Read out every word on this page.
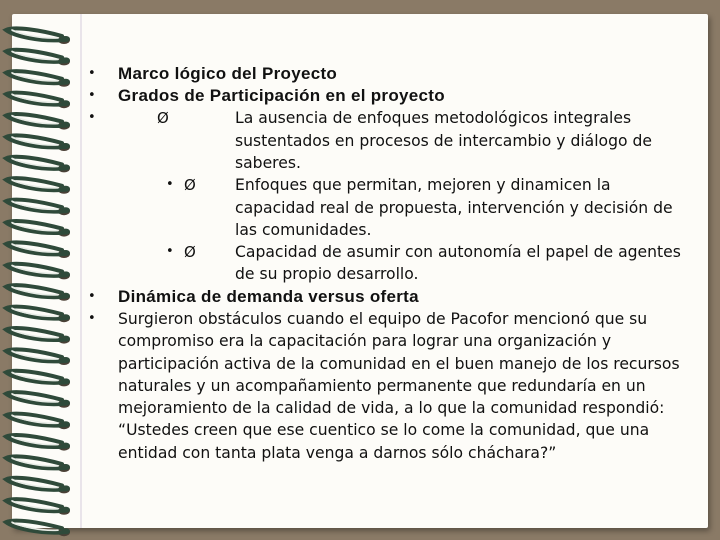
• Marco lógico del Proyecto
• Grados de Participación en el proyecto
•	Ø	La ausencia de enfoques metodológicos integrales sustentados en procesos de intercambio y diálogo de saberes.
• Ø	Enfoques que permitan, mejoren y dinamicen la capacidad real de propuesta, intervención y decisión de las comunidades.
• Ø	Capacidad de asumir con autonomía el papel de agentes de su propio desarrollo.
• Dinámica de demanda versus oferta
• Surgieron obstáculos cuando el equipo de Pacofor mencionó que su compromiso era la capacitación para lograr una organización y participación activa de la comunidad en el buen manejo de los recursos naturales y un acompañamiento permanente que redundaría en un mejoramiento de la calidad de vida, a lo que la comunidad respondió: “Ustedes creen que ese cuentico se lo come la comunidad, que una entidad con tanta plata venga a darnos sólo cháchara?”
